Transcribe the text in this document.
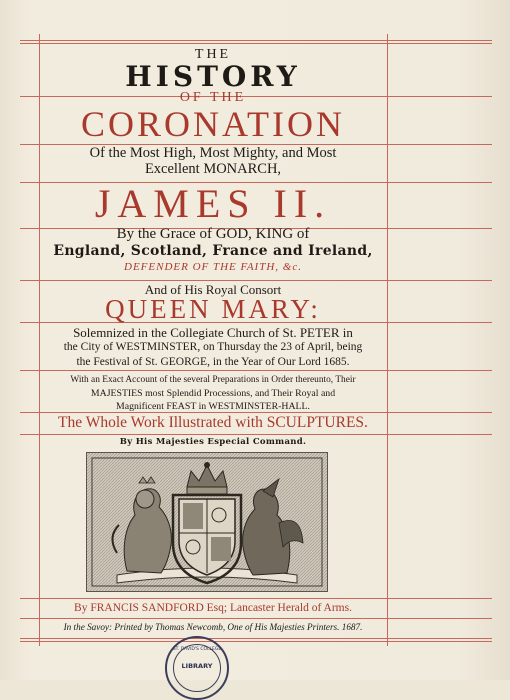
THE
HISTORY
OF THE
CORONATION
Of the Most High, Most Mighty, and Most
Excellent MONARCH,
JAMES II.
By the Grace of GOD, KING of
England, Scotland, France and Ireland,
DEFENDER OF THE FAITH, &c.
And of His Royal Consort
QUEEN MARY:
Solemnized in the Collegiate Church of St. PETER in
the City of WESTMINSTER, on Thursday the 23 of April, being
the Festival of St. GEORGE, in the Year of Our Lord 1685.
With an Exact Account of the several Preparations in Order thereunto, Their
MAJESTIES most Splendid Processions, and Their Royal and
Magnificent FEAST in WESTMINSTER-HALL.
The Whole Work Illustrated with SCULPTURES.
By His Majesties Especial Command.
By FRANCIS SANDFORD Esq; Lancaster Herald of Arms.
In the Savoy: Printed by Thomas Newcomb, One of His Majesties Printers. 1687.
ST. DAVID'S COLLEGE
LIBRARY
